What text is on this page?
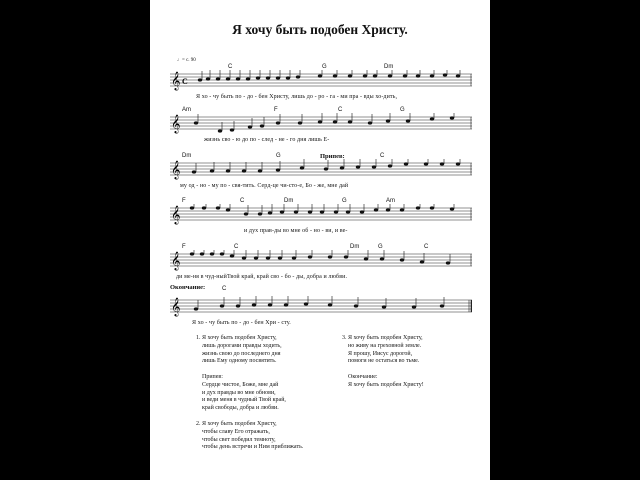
Я хочу быть подобен Христу.
♩= с. 90
𝄞 C
C	G	Dm
Я хо - чу быть по - до - бен Христу, лишь до - ро - га - ми пра - вды хо-дить,
𝄞
Am	F	C	G
жизнь сво - ю до по - след - не - го дня лишь Е-
𝄞
Dm	G	C
Припев:
му од - но - му по - свя-тить. Серд-це чи-сто-е, Бо - же, мне дай
𝄞
F	C	Dm	G	Am
и дух прав-ды во мне об - но - ви, и ве-
𝄞
F	C	Dm	G	C
ди ме-ня в чуд-ныйТвой край, край сво - бо - ды, добра и любви.
𝄞
Окончание:	C
Я хо - чу быть по - до - бен Хри - сту.
1. Я хочу быть подобен Христу,
лишь дорогами правды ходить,
жизнь свою до последнего дня
лишь Ему одному посвятить.
Припев:
Сердце чистое, Боже, мне дай
и дух правды во мне обнови,
и веди меня в чудный Твой край,
край свободы, добра и любви.
2. Я хочу быть подобен Христу,
чтобы славу Его отражать,
чтобы свет победил темноту,
чтобы день встречи и Ним приближать.
3. Я хочу быть подобен Христу,
но живу на греховной земле.
Я прошу, Иисус дорогой,
помоги не остаться во тьме.
Окончание:
Я хочу быть подобен Христу!
